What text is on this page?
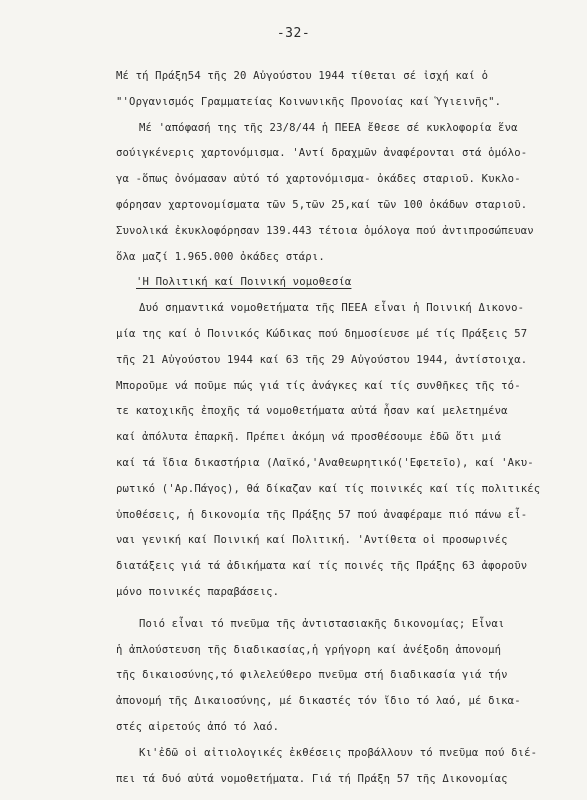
-32-
Μέ τή Πράξη54 τῆς 20 Αὐγούστου 1944 τίθεται σέ ἰσχή καί ὁ
"'Οργανισμός Γραμματείας Κοινωνικῆς Προνοίας καί Ὑγιεινῆς".
Μέ 'απόφασή της τῆς 23/8/44 ἡ ΠΕΕΑ ἔθεσε σέ κυκλοφορία ἕνα
σούιγκένερις χαρτονόμισμα. 'Αντί δραχμῶν ἀναφέρονται στά ὁμόλο-
γα -ὅπως ὀνόμασαν αὐτό τό χαρτονόμισμα- ὀκάδες σταριοῦ. Κυκλο-
φόρησαν χαρτονομίσματα τῶν 5,τῶν 25,καί τῶν 100 ὀκάδων σταριοῦ.
Συνολικά ἐκυκλοφόρησαν 139.443 τέτοια ὁμόλογα πού ἀντιπροσώπευαν
ὅλα μαζί 1.965.000 ὀκάδες στάρι.
'Η Πολιτική καί Ποινική νομοθεσία
Δυό σημαντικά νομοθετήματα τῆς ΠΕΕΑ εἶναι ἡ Ποινική Δικονο-
μία της καί ὁ Ποινικός Κώδικας πού δημοσίευσε μέ τίς Πράξεις 57
τῆς 21 Αὐγούστου 1944 καί 63 τῆς 29 Αὐγούστου 1944, ἀντίστοιχα.
Μποροῦμε νά ποῦμε πώς γιά τίς ἀνάγκες καί τίς συνθῆκες τῆς τό-
τε κατοχικῆς ἐποχῆς τά νομοθετήματα αὐτά ἦσαν καί μελετημένα
καί ἀπόλυτα ἐπαρκῆ. Πρέπει ἀκόμη νά προσθέσουμε ἐδῶ ὅτι μιά
καί τά ἴδια δικαστήρια (Λαϊκό,'Αναθεωρητικό('Εφετεῖο), καί 'Ακυ-
ρωτικό ('Αρ.Πάγος), θά δίκαζαν καί τίς ποινικές καί τίς πολιτικές
ὑποθέσεις, ἡ δικονομία τῆς Πράξης 57 πού ἀναφέραμε πιό πάνω εἶ-
ναι γενική καί Ποινική καί Πολιτική. 'Αντίθετα οἱ προσωρινές
διατάξεις γιά τά ἀδικήματα καί τίς ποινές τῆς Πράξης 63 ἀφοροῦν
μόνο ποινικές παραβάσεις.
Ποιό εἶναι τό πνεῦμα τῆς ἀντιστασιακῆς δικονομίας; Εἶναι
ἡ ἀπλούστευση τῆς διαδικασίας,ἡ γρήγορη καί ἀνέξοδη ἀπονομή
τῆς δικαιοσύνης,τό φιλελεύθερο πνεῦμα στή διαδικασία γιά τήν
ἀπονομή τῆς Δικαιοσύνης, μέ δικαστές τόν ἴδιο τό λαό, μέ δικα-
στές αἱρετούς ἀπό τό λαό.
Κι'ἐδῶ οἱ αἰτιολογικές ἐκθέσεις προβάλλουν τό πνεῦμα πού διέ-
πει τά δυό αὐτά νομοθετήματα. Γιά τή Πράξη 57 τῆς Δικονομίας
